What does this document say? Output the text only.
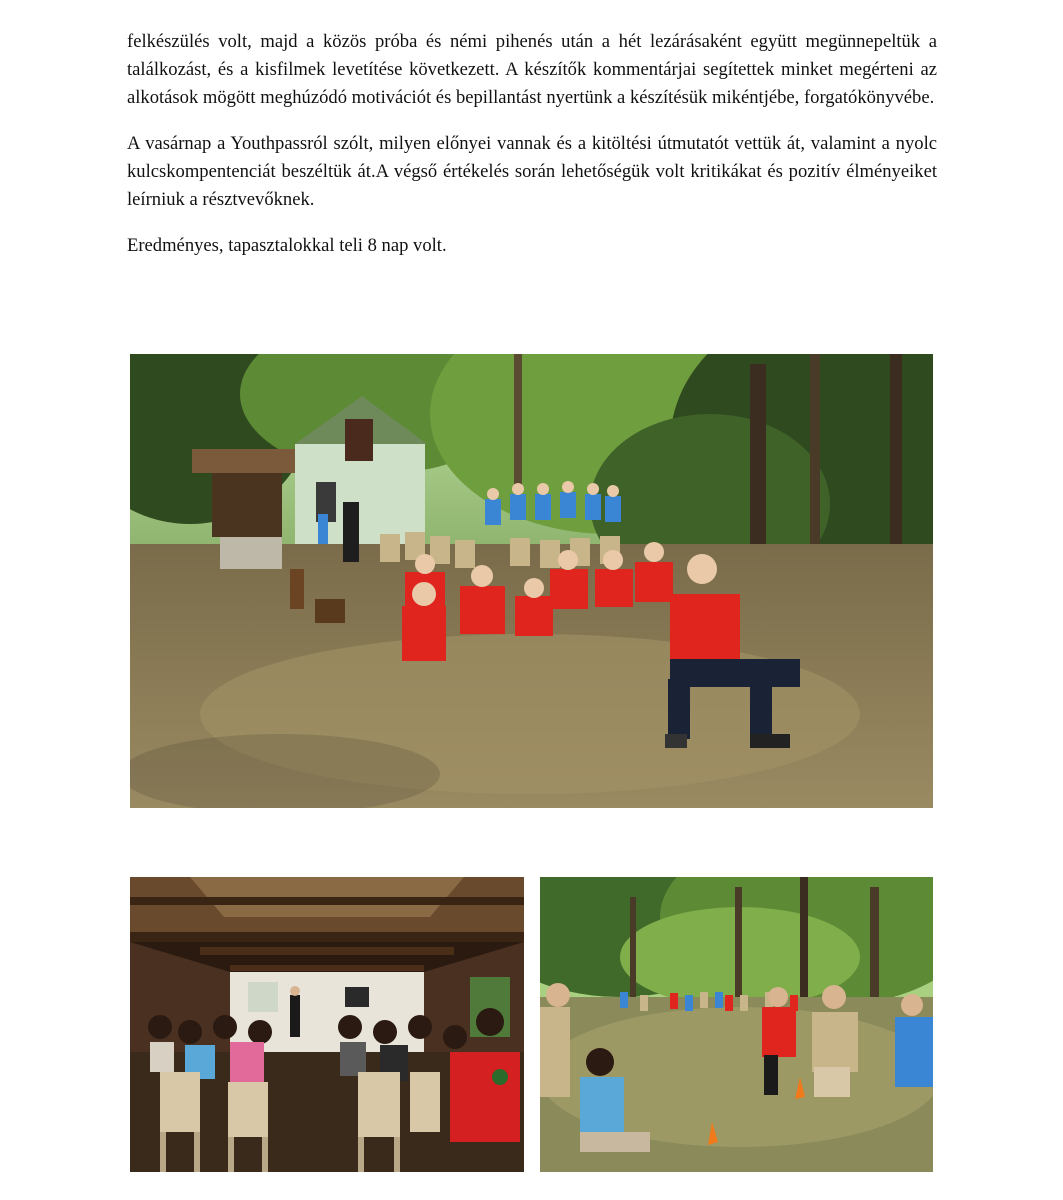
felkészülés volt, majd a közös próba és némi pihenés után a hét lezárásaként együtt megünnepeltük a találkozást, és a kisfilmek levetítése következett. A készítők kommentárjai segítettek minket megérteni az alkotások mögött meghúzódó motivációt és bepillantást nyertünk a készítésük mikéntjébe, forgatókönyvébe.

A vasárnap a Youthpassról szólt, milyen előnyei vannak és a kitöltési útmutatót vettük át, valamint a nyolc kulcskompentenciát beszéltük át.A végső értékelés során lehetőségük volt kritikákat és pozitív élményeiket leírniuk a résztvevőknek.

Eredményes, tapasztalokkal teli 8 nap volt.
